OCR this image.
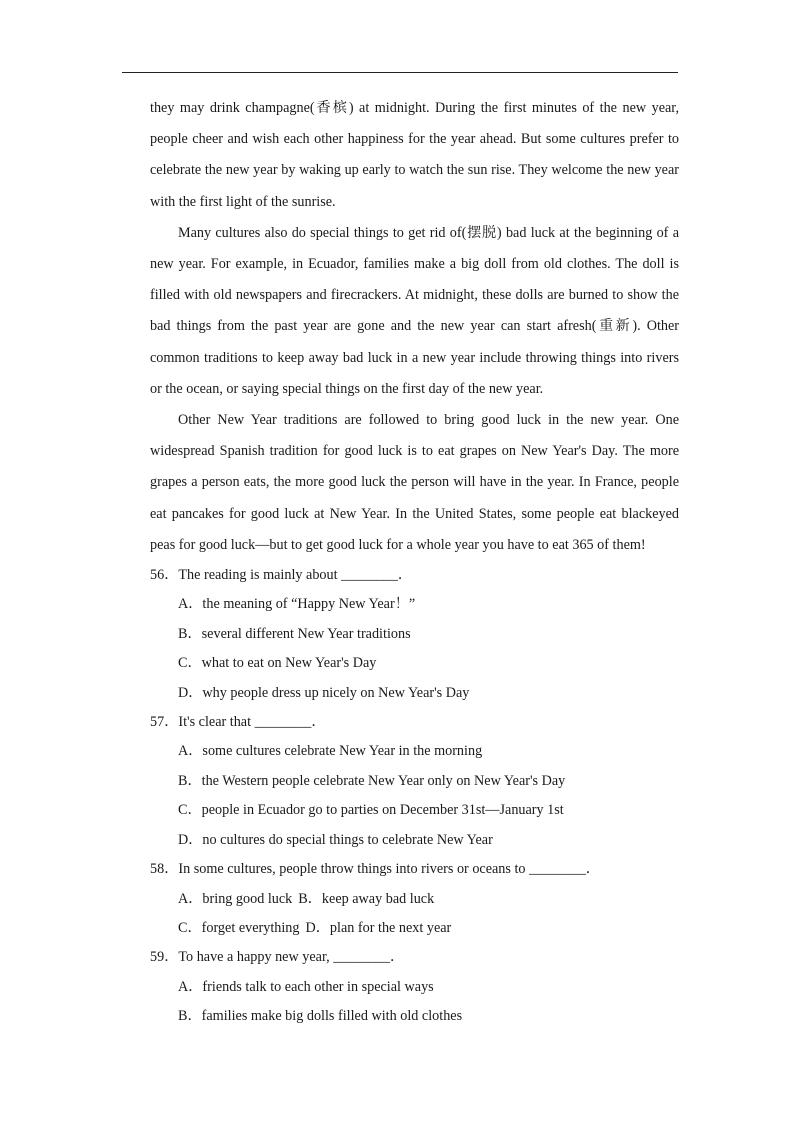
they may drink champagne(香槟) at midnight. During the first minutes of the new year, people cheer and wish each other happiness for the year ahead. But some cultures prefer to celebrate the new year by waking up early to watch the sun rise. They welcome the new year with the first light of the sunrise.

Many cultures also do special things to get rid of(摆脱) bad luck at the beginning of a new year. For example, in Ecuador, families make a big doll from old clothes. The doll is filled with old newspapers and firecrackers. At midnight, these dolls are burned to show the bad things from the past year are gone and the new year can start afresh(重新). Other common traditions to keep away bad luck in a new year include throwing things into rivers or the ocean, or saying special things on the first day of the new year.

Other New Year traditions are followed to bring good luck in the new year. One widespread Spanish tradition for good luck is to eat grapes on New Year's Day. The more grapes a person eats, the more good luck the person will have in the year. In France, people eat pancakes for good luck at New Year. In the United States, some people eat blackeyed peas for good luck—but to get good luck for a whole year you have to eat 365 of them!

56．The reading is mainly about ________．

A．the meaning of “Happy New Year！”

B．several different New Year traditions

C．what to eat on New Year's Day

D．why people dress up nicely on New Year's Day

57．It's clear that ________．

A．some cultures celebrate New Year in the morning

B．the Western people celebrate New Year only on New Year's Day

C．people in Ecuador go to parties on December 31st—January 1st

D．no cultures do special things to celebrate New Year

58．In some cultures, people throw things into rivers or oceans to ________．

A．bring good luck B．keep away bad luck

C．forget everything D．plan for the next year

59．To have a happy new year, ________．

A．friends talk to each other in special ways

B．families make big dolls filled with old clothes
